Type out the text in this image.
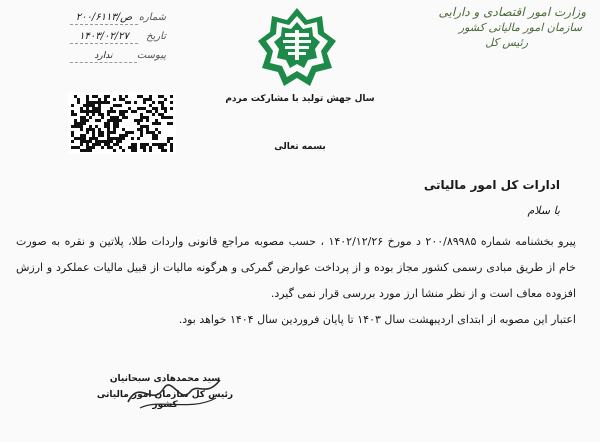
وزارت امور اقتصادی و دارایی
سازمان امور مالیاتی کشور
رئیس کل
سال جهش تولید با مشارکت مردم
شماره
۲۰۰/۶۱۱۳/ص
تاریخ
۱۴۰۳/۰۲/۲۷
پیوست
ندارد
بسمه تعالی
ادارات کل امور مالیاتی
با سلام

پیرو بخشنامه شماره ۲۰۰/۸۹۹۸۵ د مورخ ۱۴۰۲/۱۲/۲۶ ، حسب مصوبه مراجع قانونی واردات طلا، پلاتین و نقره به صورت خام از طریق مبادی رسمی کشور مجاز بوده و از پرداخت عوارض گمرکی و هرگونه مالیات از قبیل مالیات عملکرد و ارزش افزوده معاف است و از نظر منشا ارز مورد بررسی قرار نمی گیرد.

اعتبار این مصوبه از ابتدای اردیبهشت سال ۱۴۰۳ تا پایان فروردین سال ۱۴۰۴ خواهد بود.

سید محمدهادی سبحانیان
رئیس کل سازمان امور مالیاتی کشور
